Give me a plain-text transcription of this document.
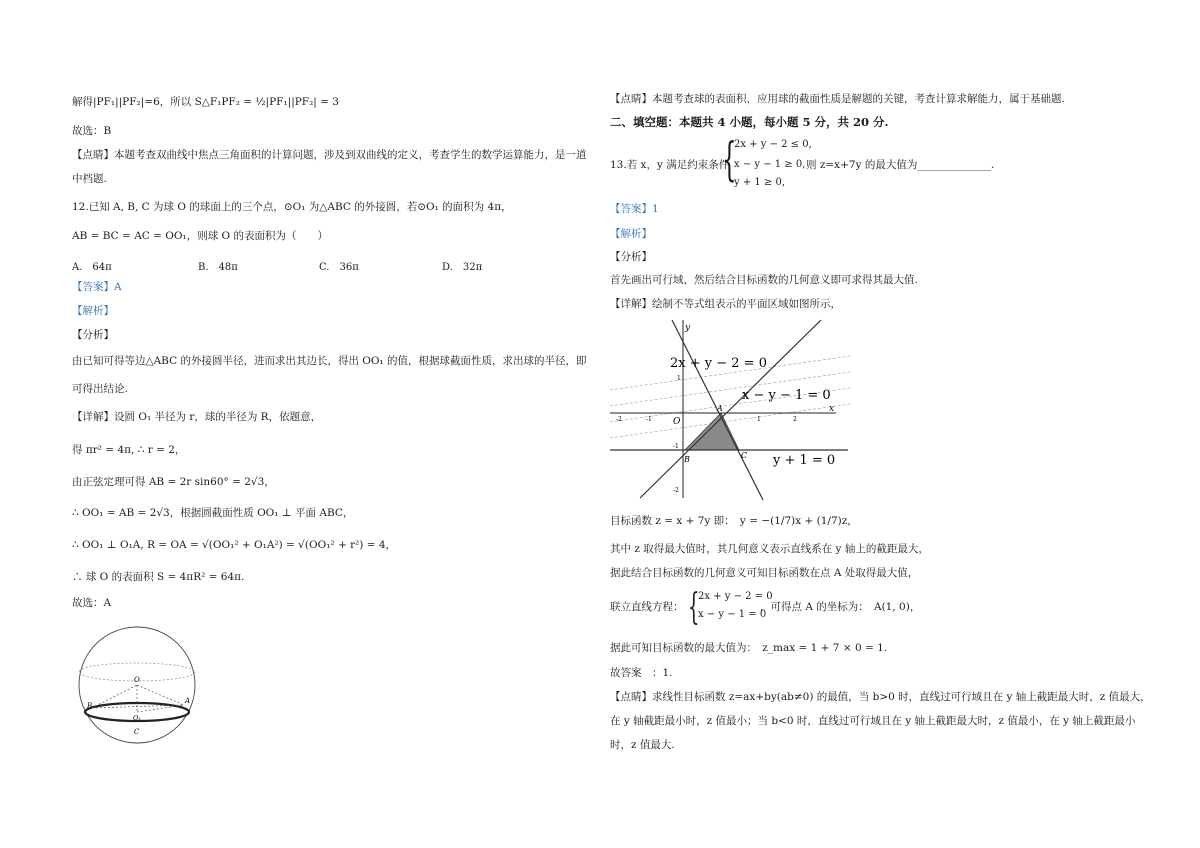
解得|PF₁||PF₂|=6，所以 S△F₁PF₂ = ½|PF₁||PF₂| = 3
故选：B
【点睛】本题考查双曲线中焦点三角面积的计算问题，涉及到双曲线的定义，考查学生的数学运算能力，是一道
中档题.
12.已知 A, B, C 为球 O 的球面上的三个点，⊙O₁ 为△ABC 的外接圆，若⊙O₁ 的面积为 4π，
AB = BC = AC = OO₁，则球 O 的表面积为（　　）
A.　64π	B.　48π	C.　36π	D.　32π
【答案】A
【解析】
【分析】
由已知可得等边△ABC 的外接圆半径，进而求出其边长，得出 OO₁ 的值，根据球截面性质，求出球的半径，即
可得出结论.
【详解】设圆 O₁ 半径为 r，球的半径为 R，依题意，
得 πr² = 4π, ∴ r = 2，
由正弦定理可得 AB = 2r sin60° = 2√3，
∴ OO₁ = AB = 2√3，根据圆截面性质 OO₁ ⊥ 平面 ABC，
∴ OO₁ ⊥ O₁A, R = OA = √(OO₁² + O₁A²) = √(OO₁² + r²) = 4，
∴ 球 O 的表面积 S = 4πR² = 64π.
故选：A
O
B
C
O₁
A
【点睛】本题考查球的表面积，应用球的截面性质是解题的关键，考查计算求解能力，属于基础题.
二、填空题：本题共 4 小题，每小题 5 分，共 20 分.
13.若 x，y 满足约束条件
{
2x + y − 2 ≤ 0,
x − y − 1 ≥ 0,
y + 1 ≥ 0,
则 z=x+7y 的最大值为______________.
【答案】1
【解析】
【分析】
首先画出可行域，然后结合目标函数的几何意义即可求得其最大值.
【详解】绘制不等式组表示的平面区域如图所示，
y
x
1
-2
-1
1	2
-1
-2	O
A
B	C
2x + y − 2 = 0
x − y − 1 = 0
y + 1 = 0
目标函数 z = x + 7y 即：　y = −(1/7)x + (1/7)z，
其中 z 取得最大值时，其几何意义表示直线系在 y 轴上的截距最大，
据此结合目标函数的几何意义可知目标函数在点 A 处取得最大值，
联立直线方程： {
2x + y − 2 = 0
x − y − 1 = 0
，可得点 A 的坐标为：　A(1, 0)，
据此可知目标函数的最大值为：　z_max = 1 + 7 × 0 = 1.
故答案　：1.
【点睛】求线性目标函数 z=ax+by(ab≠0) 的最值，当 b>0 时，直线过可行域且在 y 轴上截距最大时，z 值最大，
在 y 轴截距最小时，z 值最小；当 b<0 时，直线过可行域且在 y 轴上截距最大时，z 值最小，在 y 轴上截距最小
时，z 值最大.
